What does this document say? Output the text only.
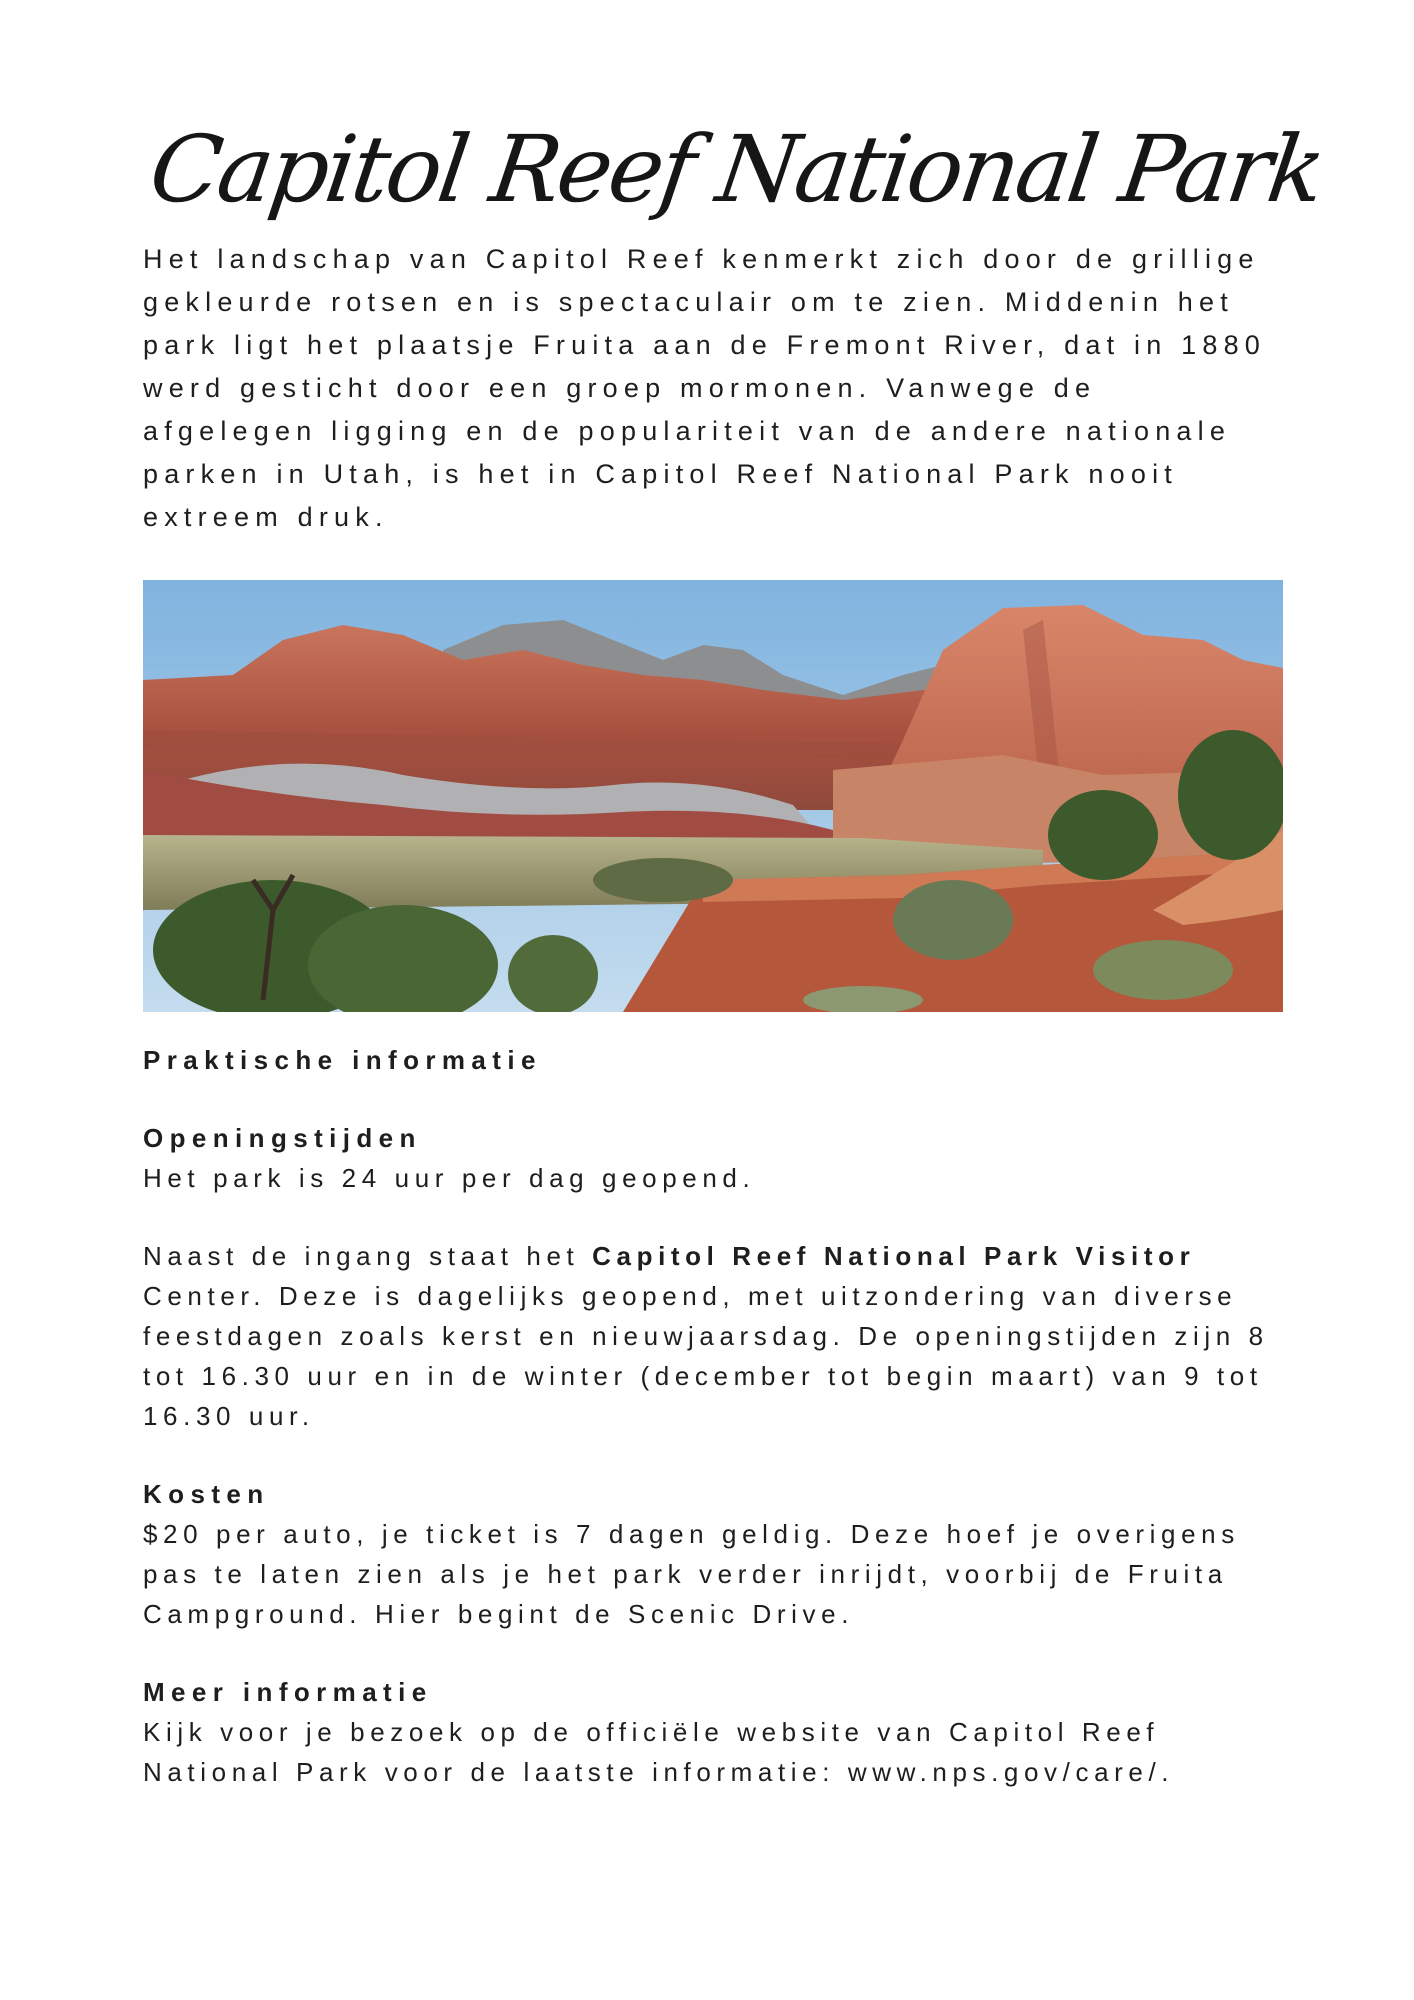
Capitol Reef National Park

Het landschap van Capitol Reef kenmerkt zich door de grillige gekleurde rotsen en is spectaculair om te zien. Middenin het park ligt het plaatsje Fruita aan de Fremont River, dat in 1880 werd gesticht door een groep mormonen. Vanwege de afgelegen ligging en de populariteit van de andere nationale parken in Utah, is het in Capitol Reef National Park nooit extreem druk.

Praktische informatie

Openingstijden

Het park is 24 uur per dag geopend.

Naast de ingang staat het Capitol Reef National Park Visitor Center. Deze is dagelijks geopend, met uitzondering van diverse feestdagen zoals kerst en nieuwjaarsdag. De openingstijden zijn 8 tot 16.30 uur en in de winter (december tot begin maart) van 9 tot 16.30 uur.

Kosten

$20 per auto, je ticket is 7 dagen geldig. Deze hoef je overigens pas te laten zien als je het park verder inrijdt, voorbij de Fruita Campground. Hier begint de Scenic Drive.

Meer informatie

Kijk voor je bezoek op de officiële website van Capitol Reef National Park voor de laatste informatie: www.nps.gov/care/.
